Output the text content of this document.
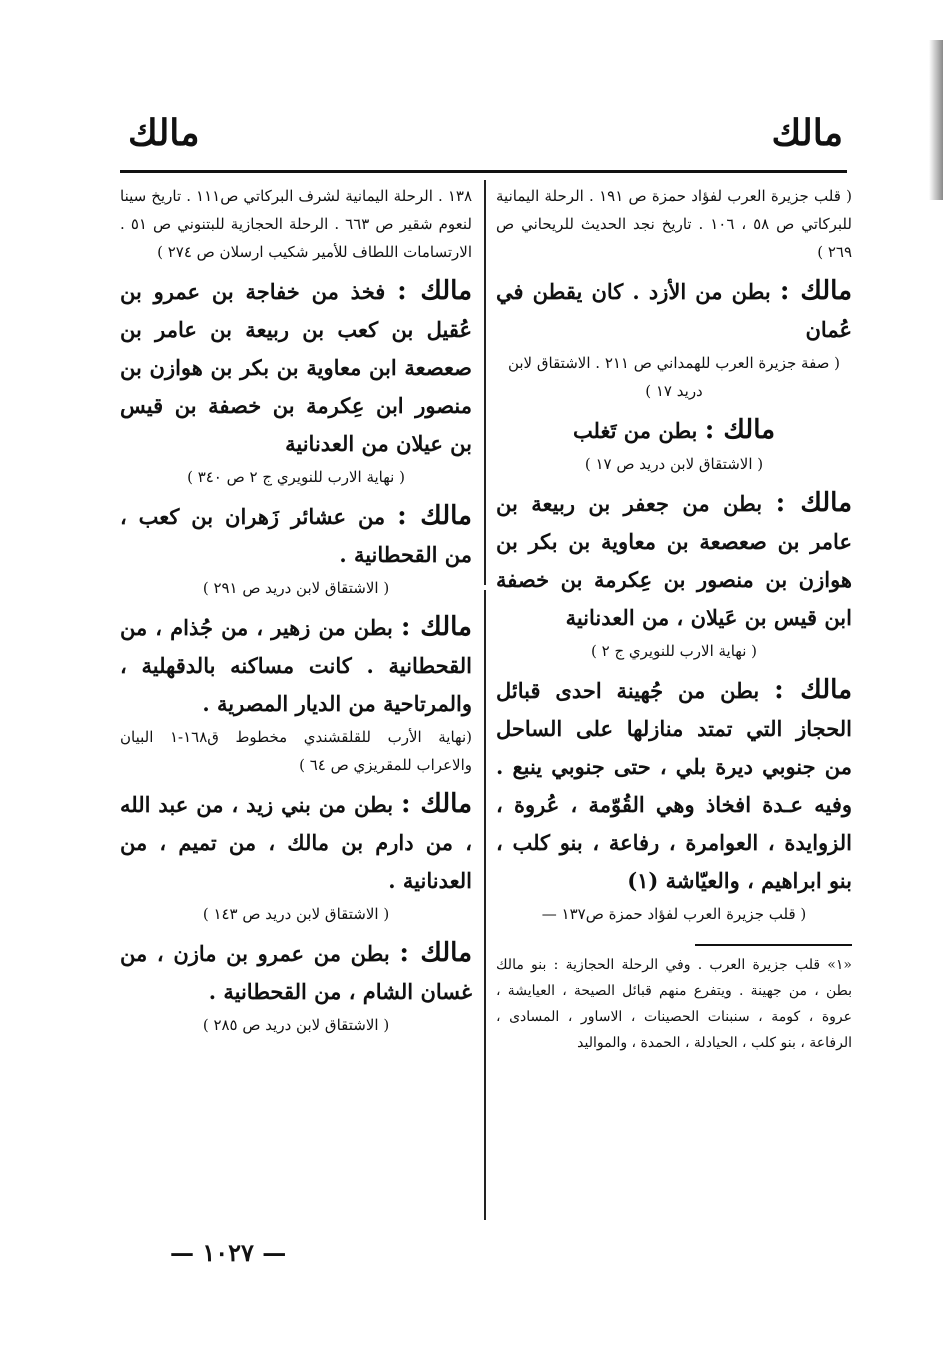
مالك
مالك

( قلب جزيرة العرب لفؤاد حمزة ص ١٩١ . الرحلة اليمانية للبركاتي ص ٥٨ ، ١٠٦ . تاريخ نجد الحديث للريحاني ص ٢٦٩ )

مالك : بطن من الأزد . كان يقطن في عُمان

( صفة جزيرة العرب للهمداني ص ٢١١ . الاشتقاق لابن دريد ١٧ )

مالك : بطن من تَغلب

( الاشتقاق لابن دريد ص ١٧ )

مالك : بطن من جعفر بن ربيعة بن عامر بن صعصعة بن معاوية بن بكر بن هوازن بن منصور بن عِكرمة بن خصفة ابن قيس بن عَيلان ، من العدنانية

( نهاية الارب للنويري ج ٢ )

مالك : بطن من جُهينة احدى قبائل الحجاز التي تمتد منازلها على الساحل من جنوبي ديرة بلي ، حتى جنوبي ينبع . وفيه عـدة افخاذ وهي القُوّمة ، عُروة ، الزوايدة ، العوامرة ، رفاعة ، بنو كلب ، بنو ابراهيم ، والعيّاشة (١)

( قلب جزيرة العرب لفؤاد حمزة ص١٣٧ —

«١» قلب جزيرة العرب . وفي الرحلة الحجازية : بنو مالك بطن ، من جهينة . ويتفرع منهم قبائل الصيحة ، العيايشة ، عروة ، كومة ، سنبنات الحصينات ، الاساور ، المسادى ، الرفاعة ، بنو كلب ، الحيادلة ، الحمدة ، والمواليد

١٣٨ . الرحلة اليمانية لشرف البركاتي ص١١١ . تاريخ سينا لنعوم شقير ص ٦٦٣ . الرحلة الحجازية للبتنوني ص ٥١ . الارتسامات اللطاف للأمير شكيب ارسلان ص ٢٧٤ )

مالك : فخذ من خفاجة بن عمرو بن عُقيل بن كعب بن ربيعة بن عامر بن صعصعة ابن معاوية بن بكر بن هوازن بن منصور ابن عِكرمة بن خصفة بن قيس بن عيلان من العدنانية

( نهاية الارب للنويري ج ٢ ص ٣٤٠ )

مالك : من عشائر زَهران بن كعب ، من القحطانية .

( الاشتقاق لابن دريد ص ٢٩١ )

مالك : بطن من زهير ، من جُذام ، من القحطانية . كانت مساكنه بالدقهلية ، والمرتاحية من الديار المصرية .

(نهاية الأرب للقلقشندي مخطوط ق١٦٨-١ البيان والاعراب للمقريزي ص ٦٤ )

مالك : بطن من بني زيد ، من عبد الله ، من دارم بن مالك ، من تميم ، من العدنانية .

( الاشتقاق لابن دريد ص ١٤٣ )

مالك : بطن من عمرو بن مازن ، من غسان الشام ، من القحطانية .

( الاشتقاق لابن دريد ص ٢٨٥ )

— ١٠٢٧ —
